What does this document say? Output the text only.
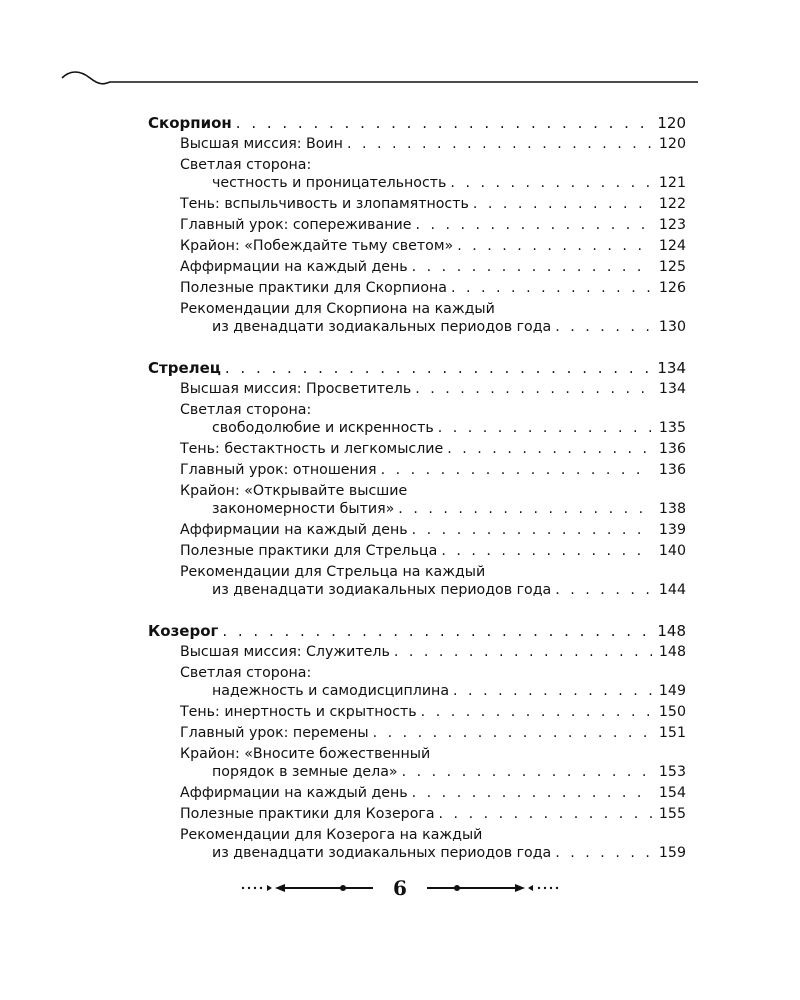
Скорпион . . .	120
Высшая миссия: Воин . . .	120
Светлая сторона:
честность и проницательность . . .	121
Тень: вспыльчивость и злопамятность . . .	122
Главный урок: сопереживание . . .	123
Крайон: «Побеждайте тьму светом» . . .	124
Аффирмации на каждый день . . .	125
Полезные практики для Скорпиона . . .	126
Рекомендации для Скорпиона на каждый
из двенадцати зодиакальных периодов года . . .	130
Стрелец . . .	134
Высшая миссия: Просветитель . . .	134
Светлая сторона:
свободолюбие и искренность . . .	135
Тень: бестактность и легкомыслие . . .	136
Главный урок: отношения . . .	136
Крайон: «Открывайте высшие
закономерности бытия» . . .	138
Аффирмации на каждый день . . .	139
Полезные практики для Стрельца . . .	140
Рекомендации для Стрельца на каждый
из двенадцати зодиакальных периодов года . . .	144
Козерог . . .	148
Высшая миссия: Служитель . . .	148
Светлая сторона:
надежность и самодисциплина . . .	149
Тень: инертность и скрытность . . .	150
Главный урок: перемены . . .	151
Крайон: «Вносите божественный
порядок в земные дела» . . .	153
Аффирмации на каждый день . . .	154
Полезные практики для Козерога . . .	155
Рекомендации для Козерога на каждый
из двенадцати зодиакальных периодов года . . .	159
6
